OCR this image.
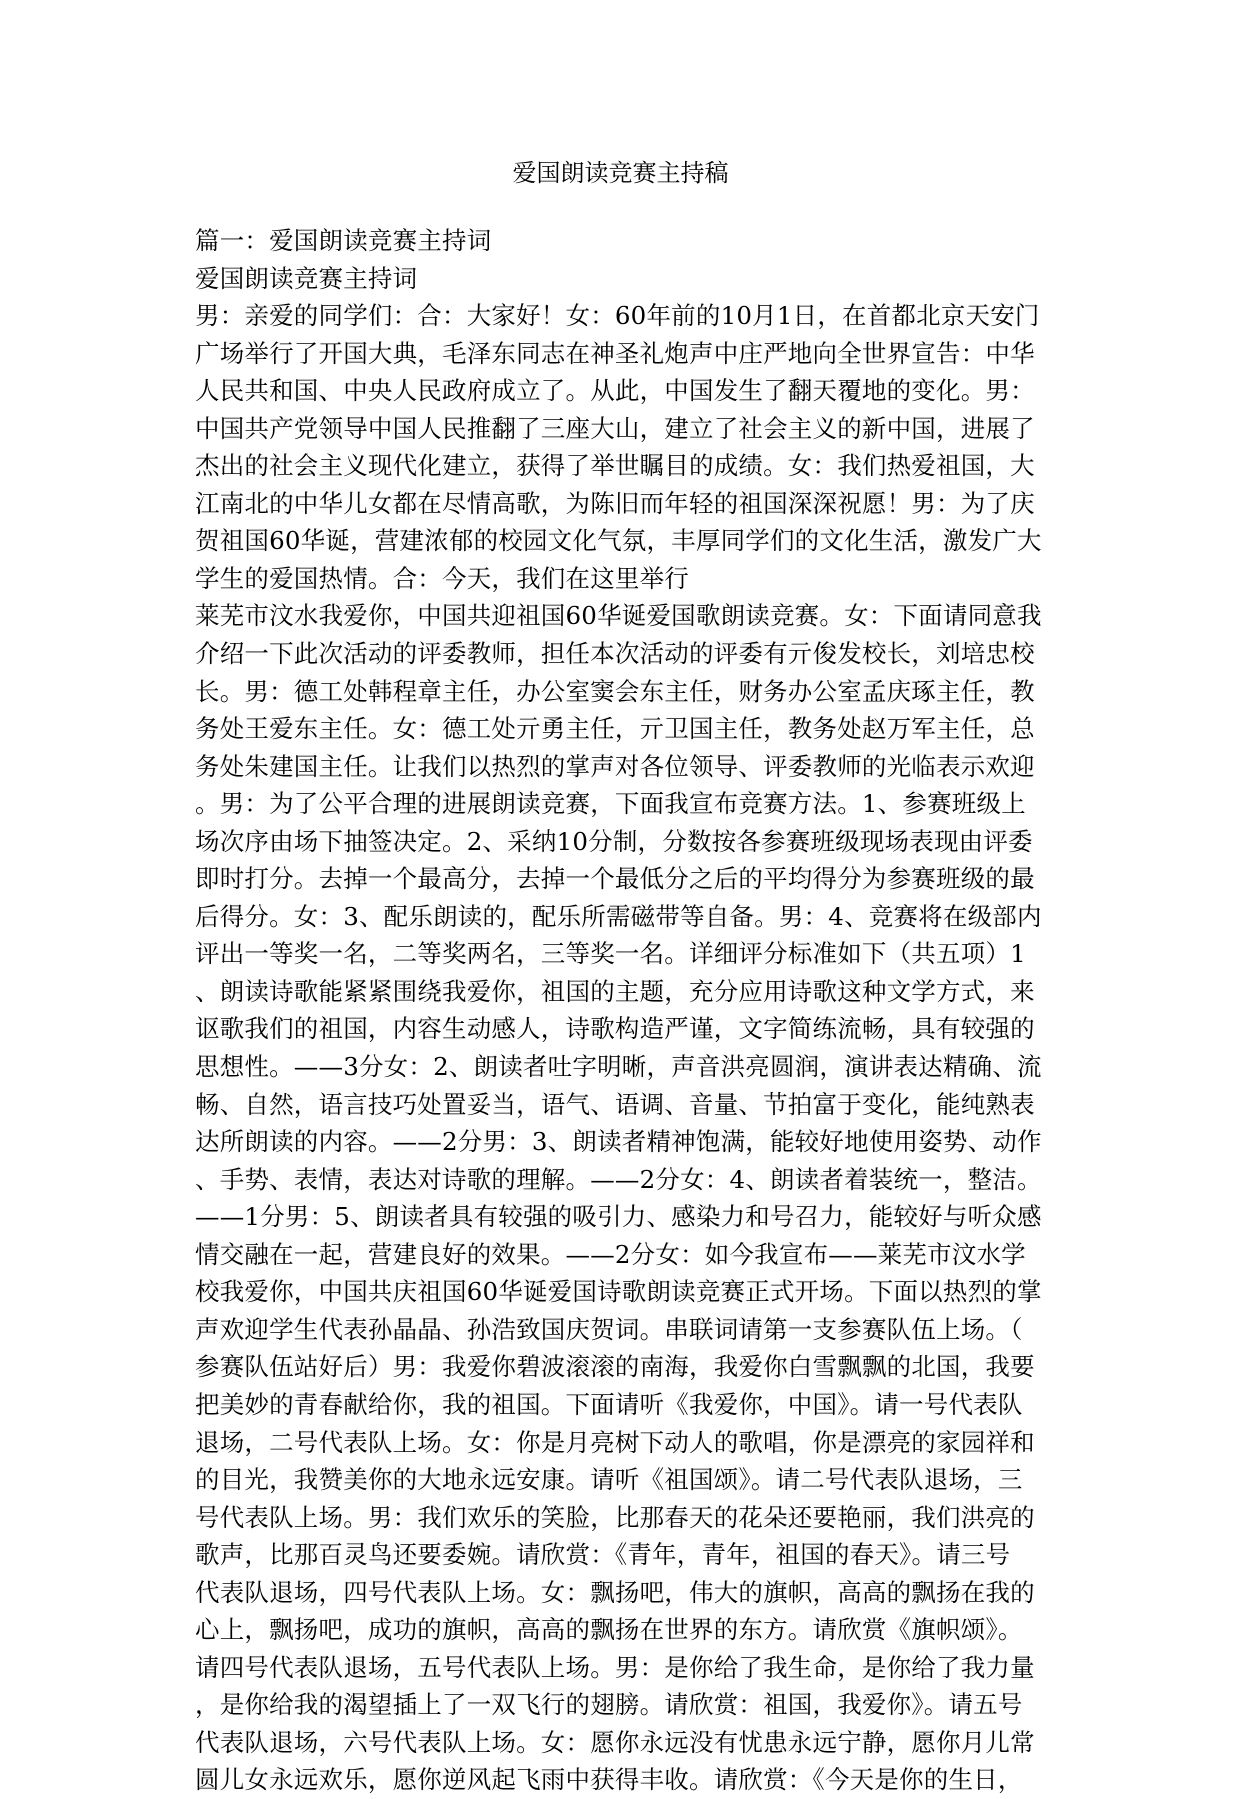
爱国朗读竞赛主持稿
篇一：爱国朗读竞赛主持词
爱国朗读竞赛主持词
男：亲爱的同学们：合：大家好！女：60年前的10月1日，在首都北京天安门
广场举行了开国大典，毛泽东同志在神圣礼炮声中庄严地向全世界宣告：中华
人民共和国、中央人民政府成立了。从此，中国发生了翻天覆地的变化。男：
中国共产党领导中国人民推翻了三座大山，建立了社会主义的新中国，进展了
杰出的社会主义现代化建立，获得了举世瞩目的成绩。女：我们热爱祖国，大
江南北的中华儿女都在尽情高歌，为陈旧而年轻的祖国深深祝愿！男：为了庆
贺祖国60华诞，营建浓郁的校园文化气氛，丰厚同学们的文化生活，激发广大
学生的爱国热情。合：今天，我们在这里举行
莱芜市汶水我爱你，中国共迎祖国60华诞爱国歌朗读竞赛。女：下面请同意我
介绍一下此次活动的评委教师，担任本次活动的评委有亓俊发校长，刘培忠校
长。男：德工处韩程章主任，办公室窦会东主任，财务办公室孟庆琢主任，教
务处王爱东主任。女：德工处亓勇主任，亓卫国主任，教务处赵万军主任，总
务处朱建国主任。让我们以热烈的掌声对各位领导、评委教师的光临表示欢迎
。男：为了公平合理的进展朗读竞赛，下面我宣布竞赛方法。1、参赛班级上
场次序由场下抽签决定。2、采纳10分制，分数按各参赛班级现场表现由评委
即时打分。去掉一个最高分，去掉一个最低分之后的平均得分为参赛班级的最
后得分。女：3、配乐朗读的，配乐所需磁带等自备。男：4、竞赛将在级部内
评出一等奖一名，二等奖两名，三等奖一名。详细评分标准如下（共五项）1
、朗读诗歌能紧紧围绕我爱你，祖国的主题，充分应用诗歌这种文学方式，来
讴歌我们的祖国，内容生动感人，诗歌构造严谨，文字简练流畅，具有较强的
思想性。——3分女：2、朗读者吐字明晰，声音洪亮圆润，演讲表达精确、流
畅、自然，语言技巧处置妥当，语气、语调、音量、节拍富于变化，能纯熟表
达所朗读的内容。——2分男：3、朗读者精神饱满，能较好地使用姿势、动作
、手势、表情，表达对诗歌的理解。——2分女：4、朗读者着装统一，整洁。
——1分男：5、朗读者具有较强的吸引力、感染力和号召力，能较好与听众感
情交融在一起，营建良好的效果。——2分女：如今我宣布——莱芜市汶水学
校我爱你，中国共庆祖国60华诞爱国诗歌朗读竞赛正式开场。下面以热烈的掌
声欢迎学生代表孙晶晶、孙浩致国庆贺词。串联词请第一支参赛队伍上场。（
参赛队伍站好后）男：我爱你碧波滚滚的南海，我爱你白雪飘飘的北国，我要
把美妙的青春献给你，我的祖国。下面请听《我爱你，中国》。请一号代表队
退场，二号代表队上场。女：你是月亮树下动人的歌唱，你是漂亮的家园祥和
的目光，我赞美你的大地永远安康。请听《祖国颂》。请二号代表队退场，三
号代表队上场。男：我们欢乐的笑脸，比那春天的花朵还要艳丽，我们洪亮的
歌声，比那百灵鸟还要委婉。请欣赏：《青年，青年，祖国的春天》。请三号
代表队退场，四号代表队上场。女：飘扬吧，伟大的旗帜，高高的飘扬在我的
心上，飘扬吧，成功的旗帜，高高的飘扬在世界的东方。请欣赏《旗帜颂》。
请四号代表队退场，五号代表队上场。男：是你给了我生命，是你给了我力量
，是你给我的渴望插上了一双飞行的翅膀。请欣赏：祖国，我爱你》。请五号
代表队退场，六号代表队上场。女：愿你永远没有忧患永远宁静，愿你月儿常
圆儿女永远欢乐，愿你逆风起飞雨中获得丰收。请欣赏：《今天是你的生日，
